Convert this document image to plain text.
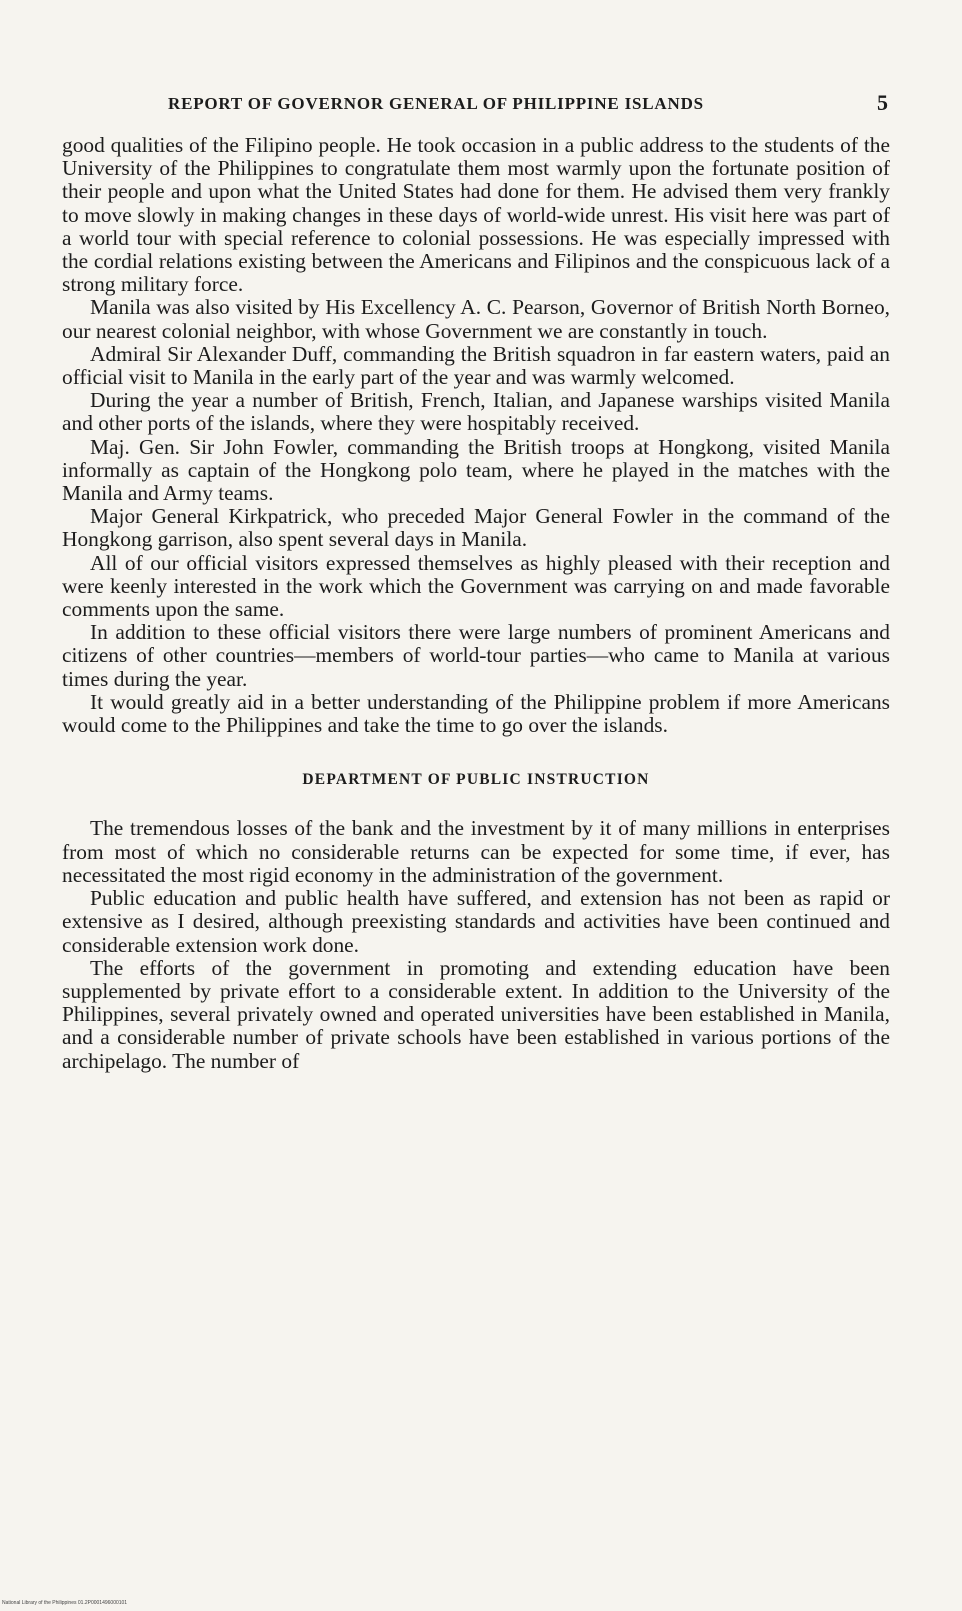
REPORT OF GOVERNOR GENERAL OF PHILIPPINE ISLANDS	5

good qualities of the Filipino people. He took occasion in a public address to the students of the University of the Philippines to congratulate them most warmly upon the fortunate position of their people and upon what the United States had done for them. He advised them very frankly to move slowly in making changes in these days of world-wide unrest. His visit here was part of a world tour with special reference to colonial possessions. He was especially impressed with the cordial relations existing between the Americans and Filipinos and the conspicuous lack of a strong military force.

Manila was also visited by His Excellency A. C. Pearson, Governor of British North Borneo, our nearest colonial neighbor, with whose Government we are constantly in touch.

Admiral Sir Alexander Duff, commanding the British squadron in far eastern waters, paid an official visit to Manila in the early part of the year and was warmly welcomed.

During the year a number of British, French, Italian, and Japanese warships visited Manila and other ports of the islands, where they were hospitably received.

Maj. Gen. Sir John Fowler, commanding the British troops at Hongkong, visited Manila informally as captain of the Hongkong polo team, where he played in the matches with the Manila and Army teams.

Major General Kirkpatrick, who preceded Major General Fowler in the command of the Hongkong garrison, also spent several days in Manila.

All of our official visitors expressed themselves as highly pleased with their reception and were keenly interested in the work which the Government was carrying on and made favorable comments upon the same.

In addition to these official visitors there were large numbers of prominent Americans and citizens of other countries—members of world-tour parties—who came to Manila at various times during the year.

It would greatly aid in a better understanding of the Philippine problem if more Americans would come to the Philippines and take the time to go over the islands.

DEPARTMENT OF PUBLIC INSTRUCTION

The tremendous losses of the bank and the investment by it of many millions in enterprises from most of which no considerable returns can be expected for some time, if ever, has necessitated the most rigid economy in the administration of the government.

Public education and public health have suffered, and extension has not been as rapid or extensive as I desired, although preexisting standards and activities have been continued and considerable extension work done.

The efforts of the government in promoting and extending education have been supplemented by private effort to a considerable extent. In addition to the University of the Philippines, several privately owned and operated universities have been established in Manila, and a considerable number of private schools have been established in various portions of the archipelago. The number of

National Library of the Philippines 01.2P0001496000101
